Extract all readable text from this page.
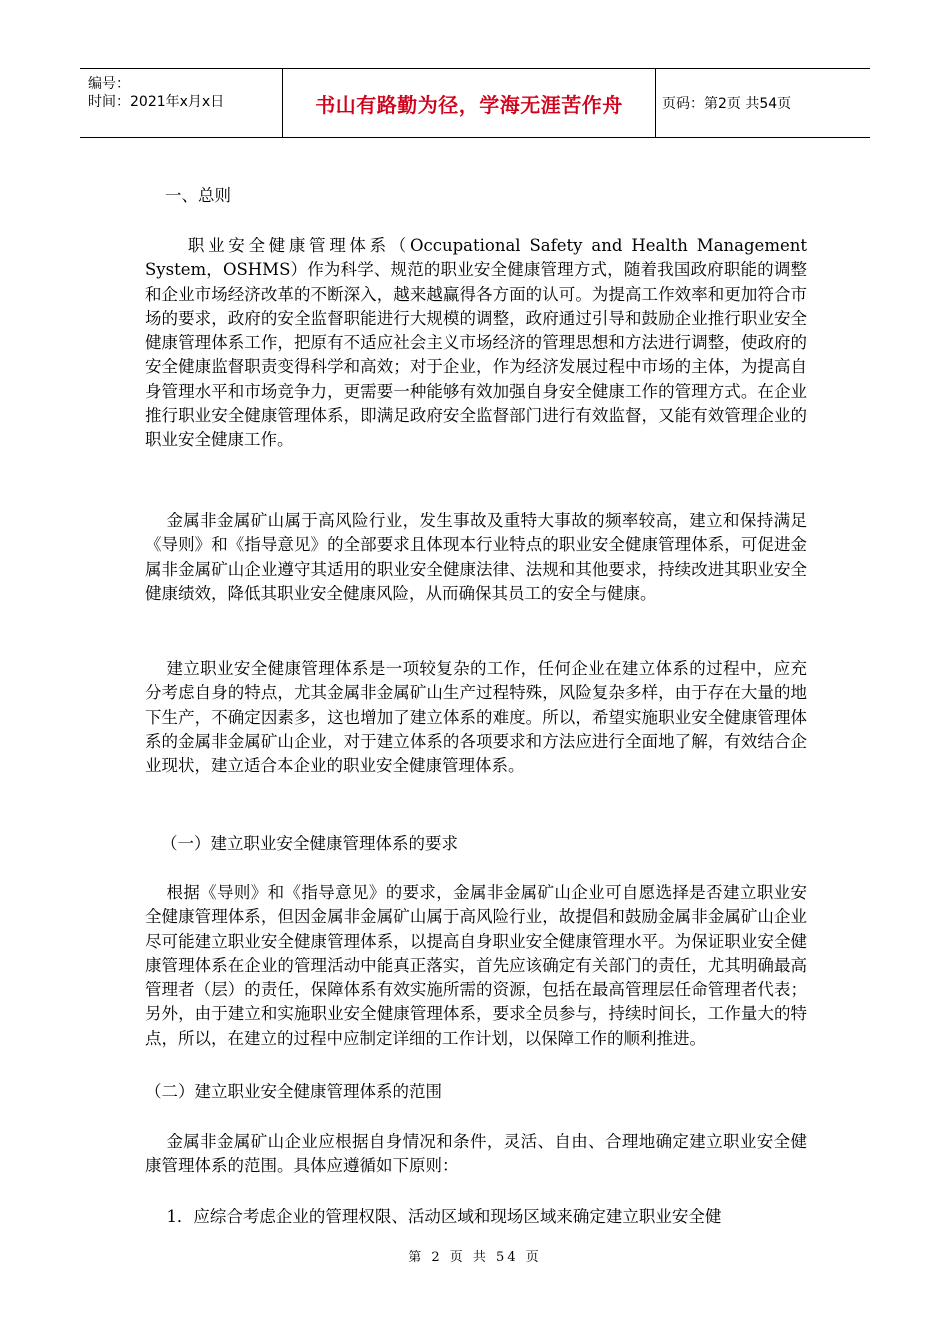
编号：
时间：2021年x月x日	书山有路勤为径，学海无涯苦作舟	页码：第2页 共54页
一、总则

职业安全健康管理体系（Occupational Safety and Health Management System，OSHMS）作为科学、规范的职业安全健康管理方式，随着我国政府职能的调整和企业市场经济改革的不断深入，越来越赢得各方面的认可。为提高工作效率和更加符合市场的要求，政府的安全监督职能进行大规模的调整，政府通过引导和鼓励企业推行职业安全健康管理体系工作，把原有不适应社会主义市场经济的管理思想和方法进行调整，使政府的安全健康监督职责变得科学和高效；对于企业，作为经济发展过程中市场的主体，为提高自身管理水平和市场竞争力，更需要一种能够有效加强自身安全健康工作的管理方式。在企业推行职业安全健康管理体系，即满足政府安全监督部门进行有效监督，又能有效管理企业的职业安全健康工作。

金属非金属矿山属于高风险行业，发生事故及重特大事故的频率较高，建立和保持满足《导则》和《指导意见》的全部要求且体现本行业特点的职业安全健康管理体系，可促进金属非金属矿山企业遵守其适用的职业安全健康法律、法规和其他要求，持续改进其职业安全健康绩效，降低其职业安全健康风险，从而确保其员工的安全与健康。

建立职业安全健康管理体系是一项较复杂的工作，任何企业在建立体系的过程中，应充分考虑自身的特点，尤其金属非金属矿山生产过程特殊，风险复杂多样，由于存在大量的地下生产，不确定因素多，这也增加了建立体系的难度。所以，希望实施职业安全健康管理体系的金属非金属矿山企业，对于建立体系的各项要求和方法应进行全面地了解，有效结合企业现状，建立适合本企业的职业安全健康管理体系。

（一）建立职业安全健康管理体系的要求

根据《导则》和《指导意见》的要求，金属非金属矿山企业可自愿选择是否建立职业安全健康管理体系，但因金属非金属矿山属于高风险行业，故提倡和鼓励金属非金属矿山企业尽可能建立职业安全健康管理体系，以提高自身职业安全健康管理水平。为保证职业安全健康管理体系在企业的管理活动中能真正落实，首先应该确定有关部门的责任，尤其明确最高管理者（层）的责任，保障体系有效实施所需的资源，包括在最高管理层任命管理者代表；另外，由于建立和实施职业安全健康管理体系，要求全员参与，持续时间长，工作量大的特点，所以，在建立的过程中应制定详细的工作计划，以保障工作的顺利推进。

（二）建立职业安全健康管理体系的范围

金属非金属矿山企业应根据自身情况和条件，灵活、自由、合理地确定建立职业安全健康管理体系的范围。具体应遵循如下原则：

1．应综合考虑企业的管理权限、活动区域和现场区域来确定建立职业安全健

第 2 页 共 54 页
